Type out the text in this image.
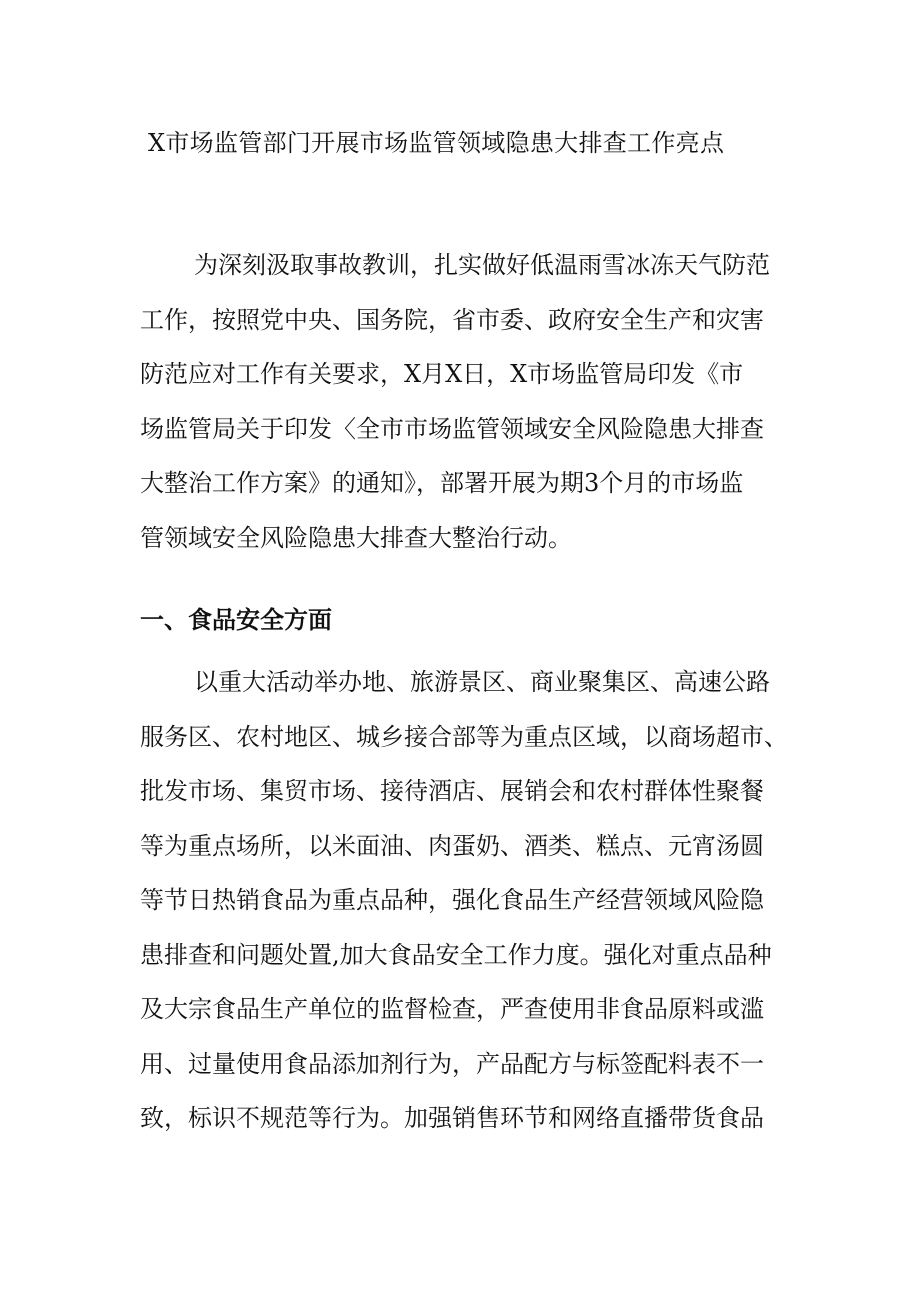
X市场监管部门开展市场监管领域隐患大排查工作亮点
为深刻汲取事故教训，扎实做好低温雨雪冰冻天气防范
工作，按照党中央、国务院，省市委、政府安全生产和灾害
防范应对工作有关要求，X月X日，X市场监管局印发《市
场监管局关于印发〈全市市场监管领域安全风险隐患大排查
大整治工作方案》的通知》，部署开展为期3个月的市场监
管领域安全风险隐患大排查大整治行动。
一、食品安全方面
以重大活动举办地、旅游景区、商业聚集区、高速公路
服务区、农村地区、城乡接合部等为重点区域，以商场超市、
批发市场、集贸市场、接待酒店、展销会和农村群体性聚餐
等为重点场所，以米面油、肉蛋奶、酒类、糕点、元宵汤圆
等节日热销食品为重点品种，强化食品生产经营领域风险隐
患排查和问题处置,加大食品安全工作力度。强化对重点品种
及大宗食品生产单位的监督检查，严查使用非食品原料或滥
用、过量使用食品添加剂行为，产品配方与标签配料表不一
致，标识不规范等行为。加强销售环节和网络直播带货食品
